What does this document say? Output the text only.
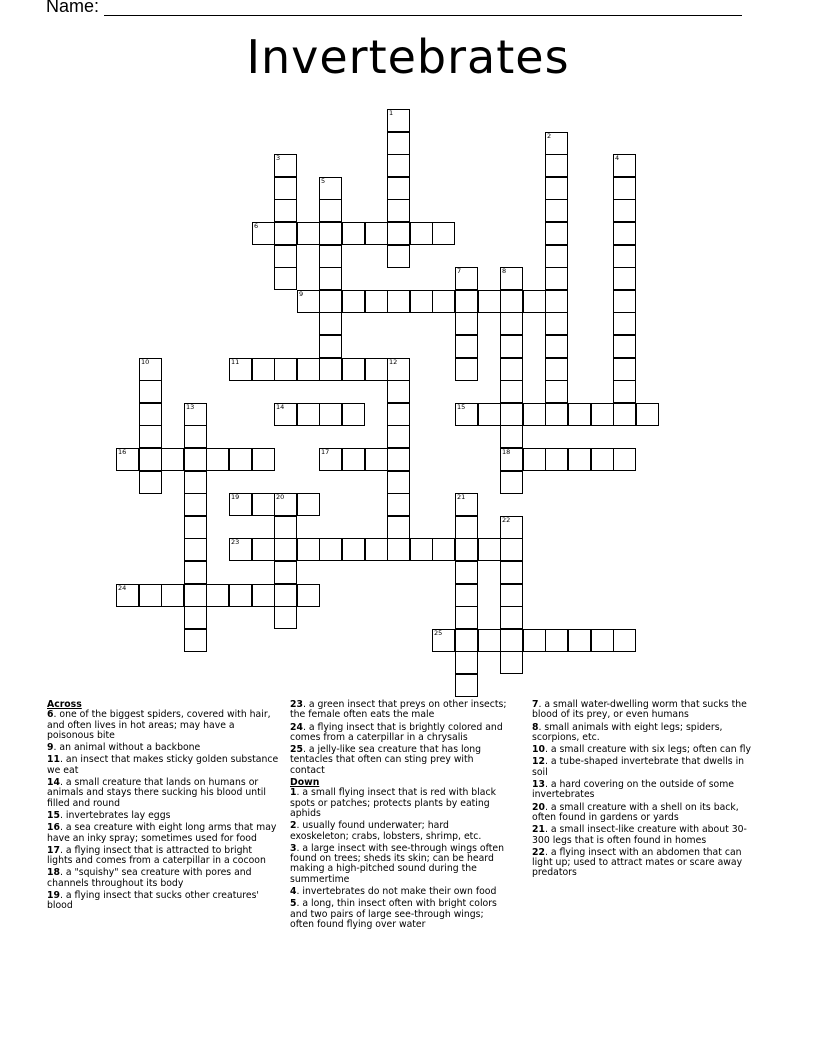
Name:
Invertebrates
1
2
3	4
5
6
7	8
18
9
10	11	12
13	14	15
16	17
19	20	21
22
23
24
25
Across
6. one of the biggest spiders, covered with hair, and often lives in hot areas; may have a poisonous bite
9. an animal without a backbone
11. an insect that makes sticky golden substance we eat
14. a small creature that lands on humans or animals and stays there sucking his blood until filled and round
15. invertebrates lay eggs
16. a sea creature with eight long arms that may have an inky spray; sometimes used for food
17. a flying insect that is attracted to bright lights and comes from a caterpillar in a cocoon
18. a "squishy" sea creature with pores and channels throughout its body
19. a flying insect that sucks other creatures' blood
23. a green insect that preys on other insects; the female often eats the male
24. a flying insect that is brightly colored and comes from a caterpillar in a chrysalis
25. a jelly-like sea creature that has long tentacles that often can sting prey with contact
Down
1. a small flying insect that is red with black spots or patches; protects plants by eating aphids
2. usually found underwater; hard exoskeleton; crabs, lobsters, shrimp, etc.
3. a large insect with see-through wings often found on trees; sheds its skin; can be heard making a high-pitched sound during the summertime
4. invertebrates do not make their own food
5. a long, thin insect often with bright colors and two pairs of large see-through wings; often found flying over water
7. a small water-dwelling worm that sucks the blood of its prey, or even humans
8. small animals with eight legs; spiders, scorpions, etc.
10. a small creature with six legs; often can fly
12. a tube-shaped invertebrate that dwells in soil
13. a hard covering on the outside of some invertebrates
20. a small creature with a shell on its back, often found in gardens or yards
21. a small insect-like creature with about 30-300 legs that is often found in homes
22. a flying insect with an abdomen that can light up; used to attract mates or scare away predators
